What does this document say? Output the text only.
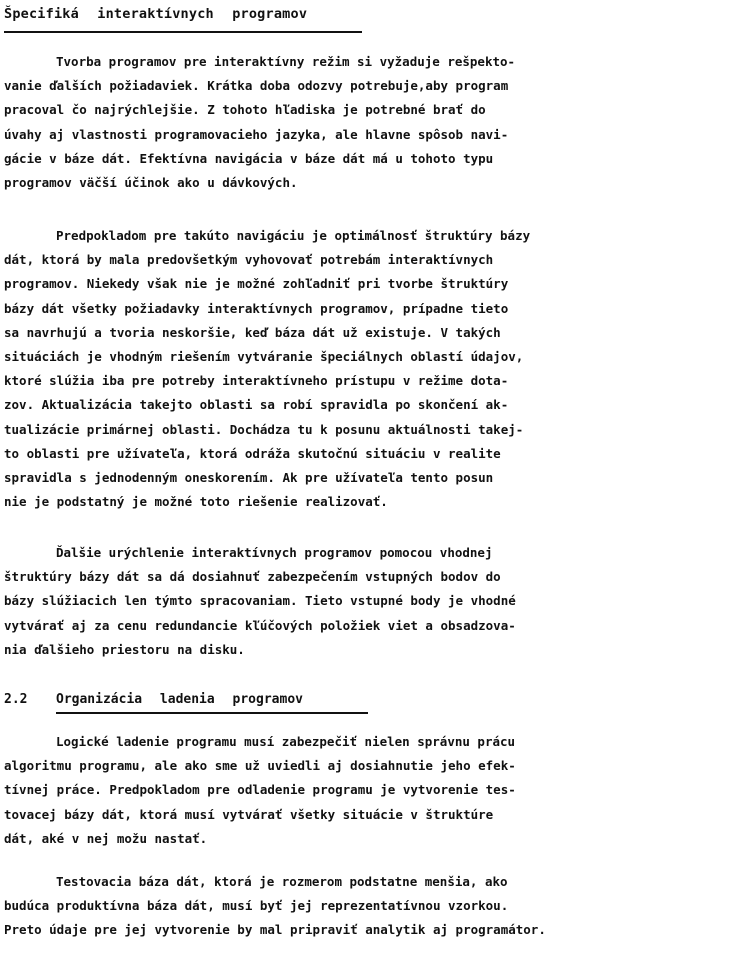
Špecifiká interaktívnych programov
Tvorba programov pre interaktívny režim si vyžaduje rešpekto-
vanie ďalších požiadaviek. Krátka doba odozvy potrebuje,aby program
pracoval čo najrýchlejšie. Z tohoto hľadiska je potrebné brať do
úvahy aj vlastnosti programovacieho jazyka, ale hlavne spôsob navi-
gácie v báze dát. Efektívna navigácia v báze dát má u tohoto typu
programov väčší účinok ako u dávkových.
Predpokladom pre takúto navigáciu je optimálnosť štruktúry bázy
dát, ktorá by mala predovšetkým vyhovovať potrebám interaktívnych
programov. Niekedy však nie je možné zohľadniť pri tvorbe štruktúry
bázy dát všetky požiadavky interaktívnych programov, prípadne tieto
sa navrhujú a tvoria neskoršie, keď báza dát už existuje. V takých
situáciách je vhodným riešením vytváranie špeciálnych oblastí údajov,
ktoré slúžia iba pre potreby interaktívneho prístupu v režime dota-
zov. Aktualizácia takejto oblasti sa robí spravidla po skončení ak-
tualizácie primárnej oblasti. Dochádza tu k posunu aktuálnosti takej-
to oblasti pre užívateľa, ktorá odráža skutočnú situáciu v realite
spravidla s jednodenným oneskorením. Ak pre užívateľa tento posun
nie je podstatný je možné toto riešenie realizovať.
Ďalšie urýchlenie interaktívnych programov pomocou vhodnej
štruktúry bázy dát sa dá dosiahnuť zabezpečením vstupných bodov do
bázy slúžiacich len týmto spracovaniam. Tieto vstupné body je vhodné
vytvárať aj za cenu redundancie kľúčových položiek viet a obsadzova-
nia ďalšieho priestoru na disku.
2.2 Organizácia ladenia programov
Logické ladenie programu musí zabezpečiť nielen správnu prácu
algoritmu programu, ale ako sme už uviedli aj dosiahnutie jeho efek-
tívnej práce. Predpokladom pre odladenie programu je vytvorenie tes-
tovacej bázy dát, ktorá musí vytvárať všetky situácie v štruktúre
dát, aké v nej možu nastať.
Testovacia báza dát, ktorá je rozmerom podstatne menšia, ako
budúca produktívna báza dát, musí byť jej reprezentatívnou vzorkou.
Preto údaje pre jej vytvorenie by mal pripraviť analytik aj programátor.
